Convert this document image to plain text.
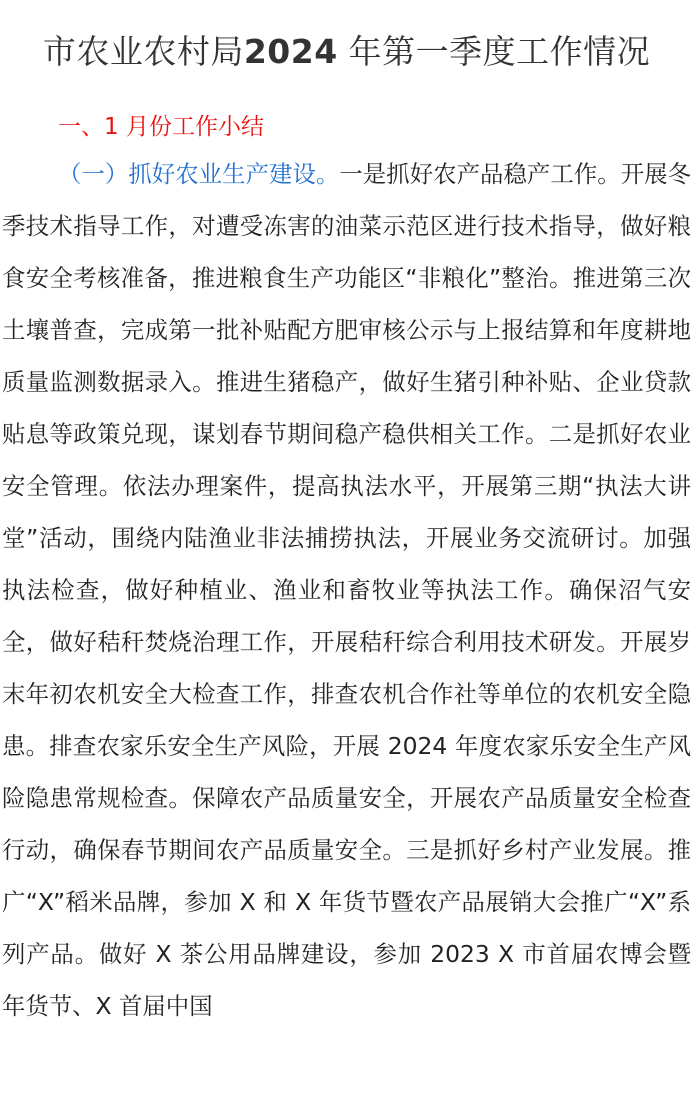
市农业农村局2024 年第一季度工作情况
一、1 月份工作小结

（一）抓好农业生产建设。一是抓好农产品稳产工作。开展冬季技术指导工作，对遭受冻害的油菜示范区进行技术指导，做好粮食安全考核准备，推进粮食生产功能区“非粮化”整治。推进第三次土壤普查，完成第一批补贴配方肥审核公示与上报结算和年度耕地质量监测数据录入。推进生猪稳产，做好生猪引种补贴、企业贷款贴息等政策兑现，谋划春节期间稳产稳供相关工作。二是抓好农业安全管理。依法办理案件，提高执法水平，开展第三期“执法大讲堂”活动，围绕内陆渔业非法捕捞执法，开展业务交流研讨。加强执法检查，做好种植业、渔业和畜牧业等执法工作。确保沼气安全，做好秸秆焚烧治理工作，开展秸秆综合利用技术研发。开展岁末年初农机安全大检查工作，排查农机合作社等单位的农机安全隐患。排查农家乐安全生产风险，开展 2024 年度农家乐安全生产风险隐患常规检查。保障农产品质量安全，开展农产品质量安全检查行动，确保春节期间农产品质量安全。三是抓好乡村产业发展。推广“X”稻米品牌，参加 X 和 X 年货节暨农产品展销大会推广“X”系列产品。做好 X 茶公用品牌建设，参加 2023 X 市首届农博会暨年货节、X 首届中国
